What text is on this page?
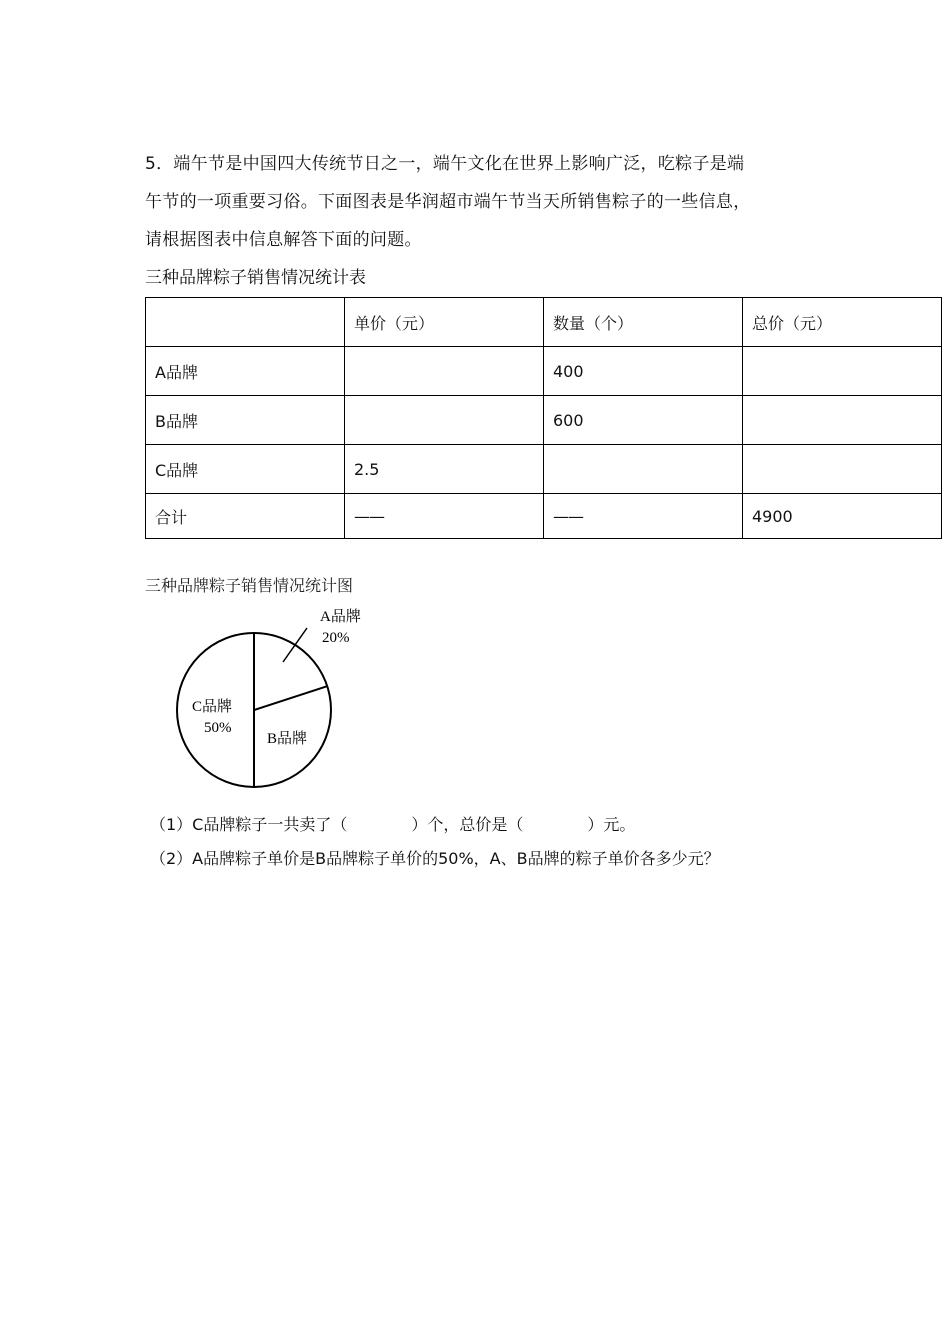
5．端午节是中国四大传统节日之一，端午文化在世界上影响广泛，吃粽子是端
午节的一项重要习俗。下面图表是华润超市端午节当天所销售粽子的一些信息，
请根据图表中信息解答下面的问题。
三种品牌粽子销售情况统计表
	单价（元）	数量（个）	总价（元）
A品牌		400	
B品牌		600	
C品牌	2.5		
合计	——	——	4900
三种品牌粽子销售情况统计图
A品牌
20%
C品牌
50%
B品牌
（1）C品牌粽子一共卖了（　　　　）个，总价是（　　　　）元。
（2）A品牌粽子单价是B品牌粽子单价的50%，A、B品牌的粽子单价各多少元？
